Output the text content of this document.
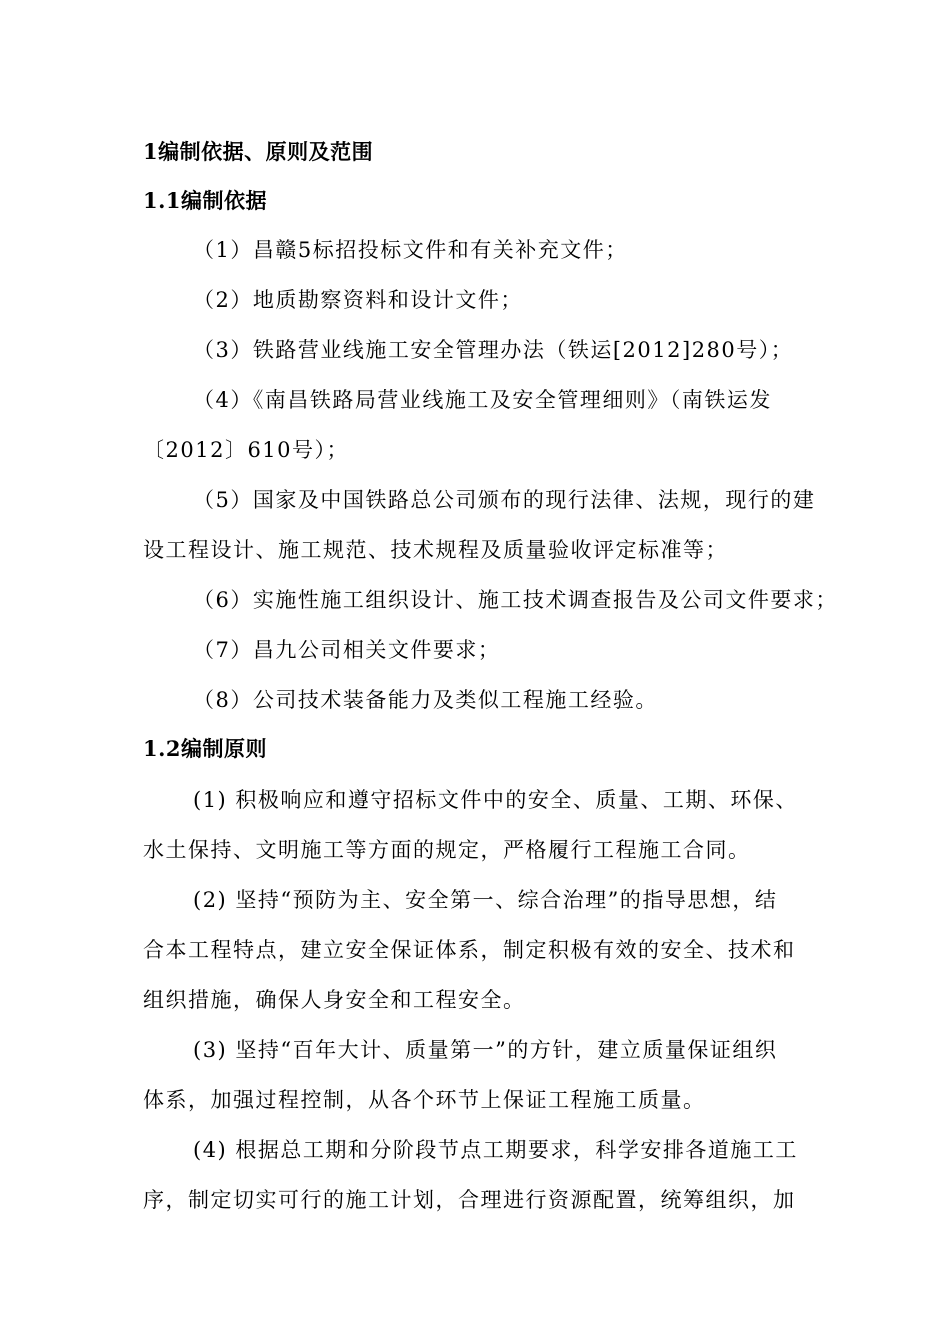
1编制依据、原则及范围
1.1编制依据
（1）昌赣5标招投标文件和有关补充文件；
（2）地质勘察资料和设计文件；
（3）铁路营业线施工安全管理办法（铁运[2012]280号）；
（4）《南昌铁路局营业线施工及安全管理细则》（南铁运发
〔2012〕610号）；
（5）国家及中国铁路总公司颁布的现行法律、法规，现行的建
设工程设计、施工规范、技术规程及质量验收评定标准等；
（6）实施性施工组织设计、施工技术调查报告及公司文件要求；
（7）昌九公司相关文件要求；
（8）公司技术装备能力及类似工程施工经验。
1.2编制原则
(1) 积极响应和遵守招标文件中的安全、质量、工期、环保、
水土保持、文明施工等方面的规定，严格履行工程施工合同。
(2) 坚持“预防为主、安全第一、综合治理”的指导思想，结
合本工程特点，建立安全保证体系，制定积极有效的安全、技术和
组织措施，确保人身安全和工程安全。
(3) 坚持“百年大计、质量第一”的方针，建立质量保证组织
体系，加强过程控制，从各个环节上保证工程施工质量。
(4) 根据总工期和分阶段节点工期要求，科学安排各道施工工
序，制定切实可行的施工计划，合理进行资源配置，统筹组织，加
